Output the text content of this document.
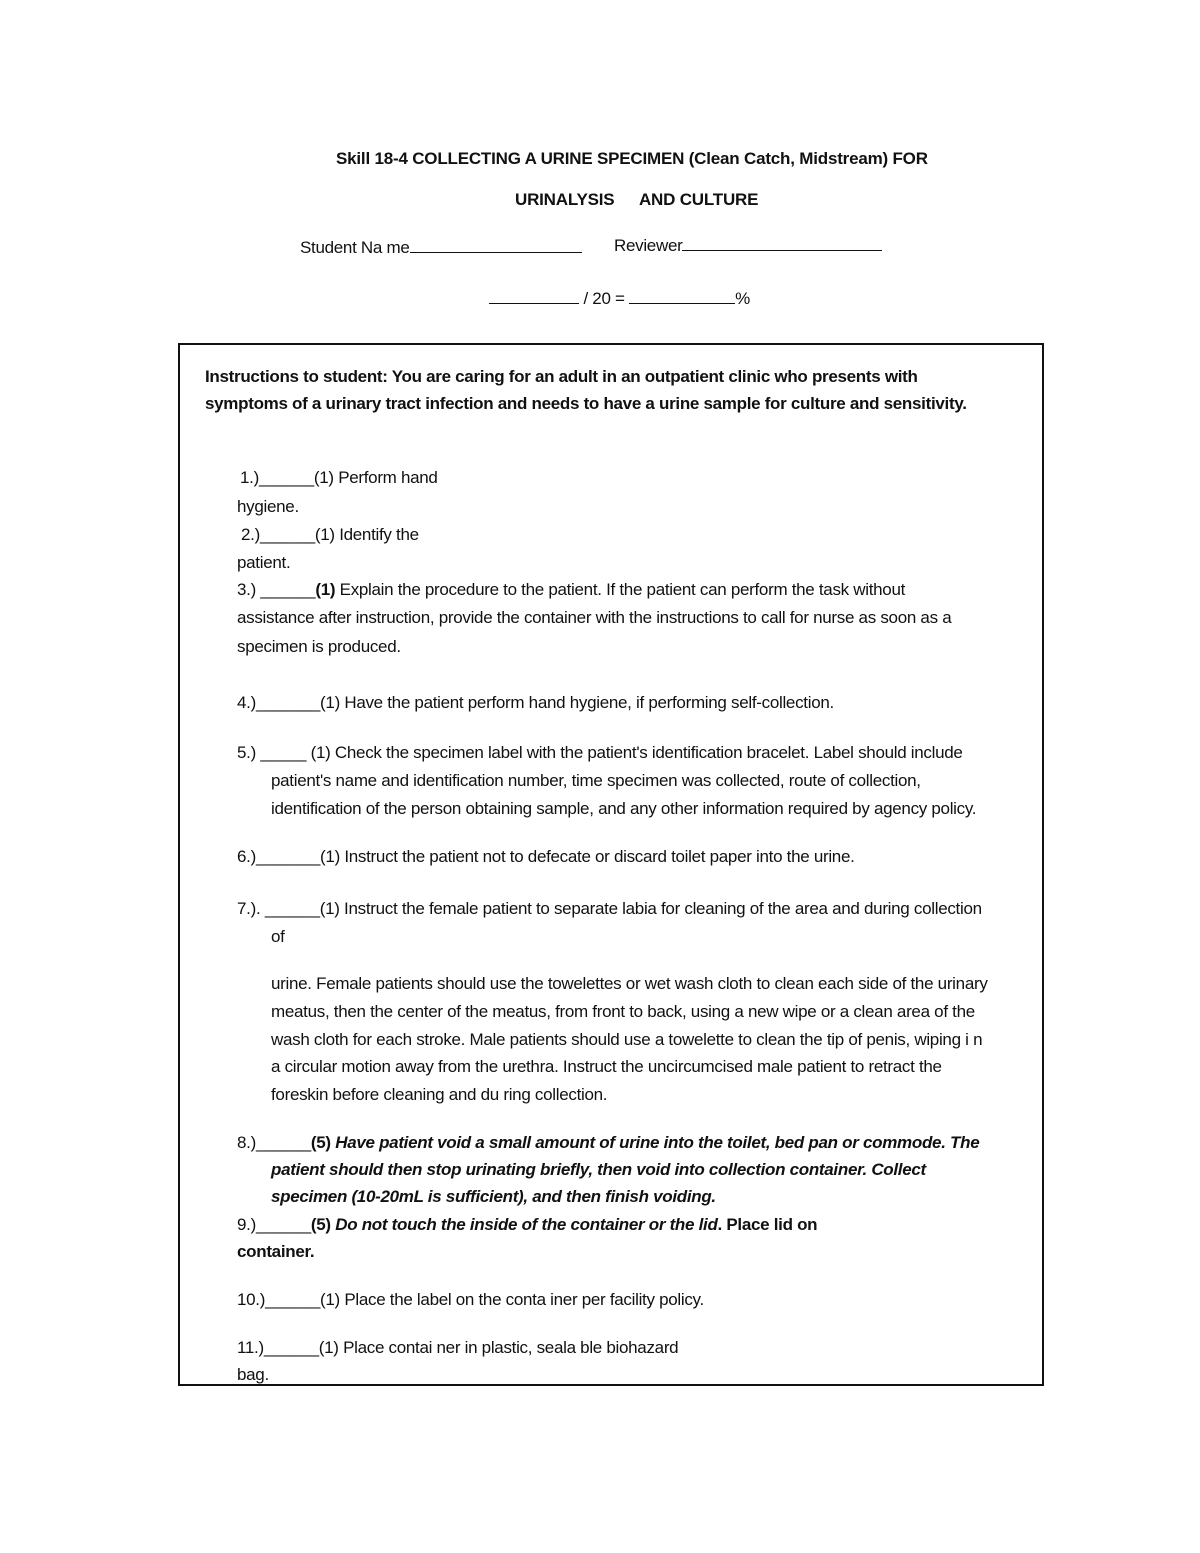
Skill 18-4 COLLECTING A URINE SPECIMEN (Clean Catch, Midstream) FOR
URINALYSIS AND CULTURE
Student Na me	Reviewer
/ 20 =	%
Instructions to student: You are caring for an adult in an outpatient clinic who presents with
symptoms of a urinary tract infection and needs to have a urine sample for culture and sensitivity.
1.)______(1) Perform hand
hygiene.
2.)______(1) Identify the
patient.
3.) ______(1) Explain the procedure to the patient. If the patient can perform the task without
assistance after instruction, provide the container with the instructions to call for nurse as soon as a
specimen is produced.
4.)_______(1) Have the patient perform hand hygiene, if performing self-collection.
5.) _____ (1) Check the specimen label with the patient's identification bracelet. Label should include
patient's name and identification number, time specimen was collected, route of collection,
identification of the person obtaining sample, and any other information required by agency policy.
6.)_______(1) Instruct the patient not to defecate or discard toilet paper into the urine.
7.). ______(1) Instruct the female patient to separate labia for cleaning of the area and during collection
of
urine. Female patients should use the towelettes or wet wash cloth to clean each side of the urinary
meatus, then the center of the meatus, from front to back, using a new wipe or a clean area of the
wash cloth for each stroke. Male patients should use a towelette to clean the tip of penis, wiping i n
a circular motion away from the urethra. Instruct the uncircumcised male patient to retract the
foreskin before cleaning and du ring collection.
8.)______(5) Have patient void a small amount of urine into the toilet, bed pan or commode. The
patient should then stop urinating briefly, then void into collection container. Collect
specimen (10-20mL is sufficient), and then finish voiding.
9.)______(5) Do not touch the inside of the container or the lid. Place lid on
container.
10.)______(1) Place the label on the conta iner per facility policy.
11.)______(1) Place contai ner in plastic, seala ble biohazard
bag.
